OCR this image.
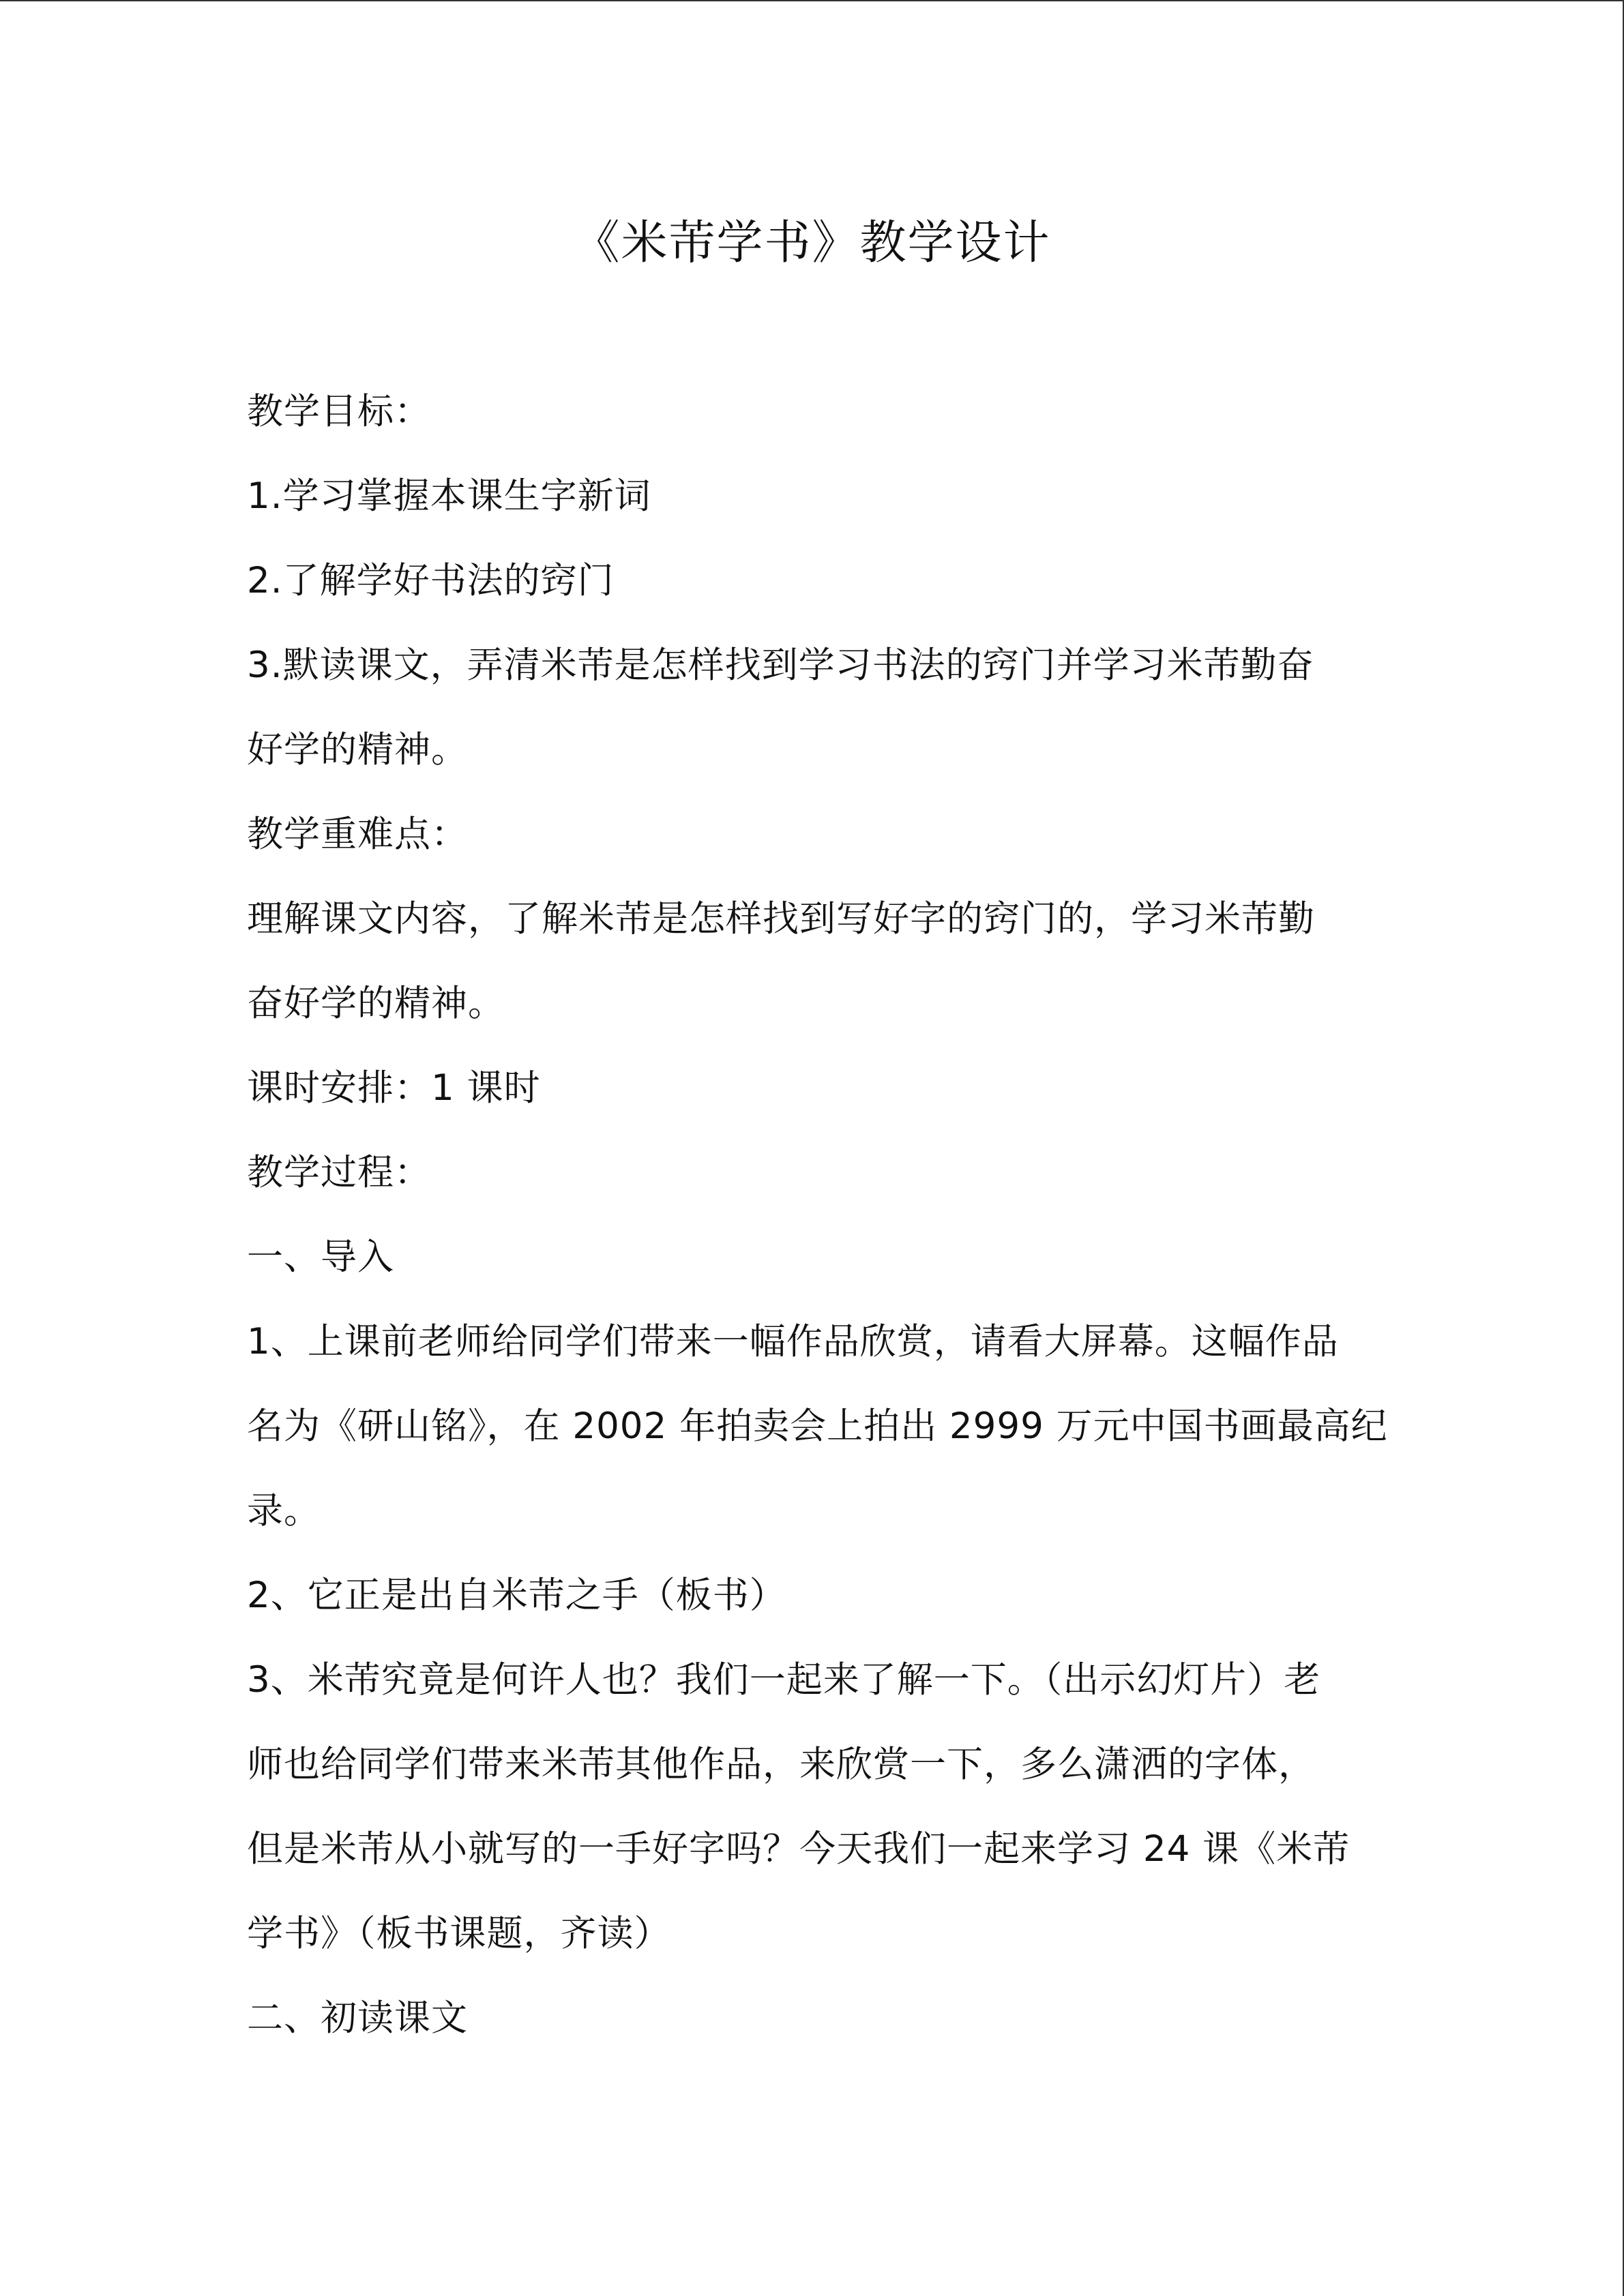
《米芾学书》教学设计
教学目标：
1.学习掌握本课生字新词
2.了解学好书法的窍门
3.默读课文，弄清米芾是怎样找到学习书法的窍门并学习米芾勤奋
好学的精神。
教学重难点：
理解课文内容，了解米芾是怎样找到写好字的窍门的，学习米芾勤
奋好学的精神。
课时安排：1 课时
教学过程：
一、导入
1、上课前老师给同学们带来一幅作品欣赏，请看大屏幕。这幅作品
名为《研山铭》，在 2002 年拍卖会上拍出 2999 万元中国书画最高纪
录。
2、它正是出自米芾之手（板书）
3、米芾究竟是何许人也？我们一起来了解一下。（出示幻灯片）老
师也给同学们带来米芾其他作品，来欣赏一下，多么潇洒的字体，
但是米芾从小就写的一手好字吗？今天我们一起来学习 24 课《米芾
学书》（板书课题，齐读）
二、初读课文
